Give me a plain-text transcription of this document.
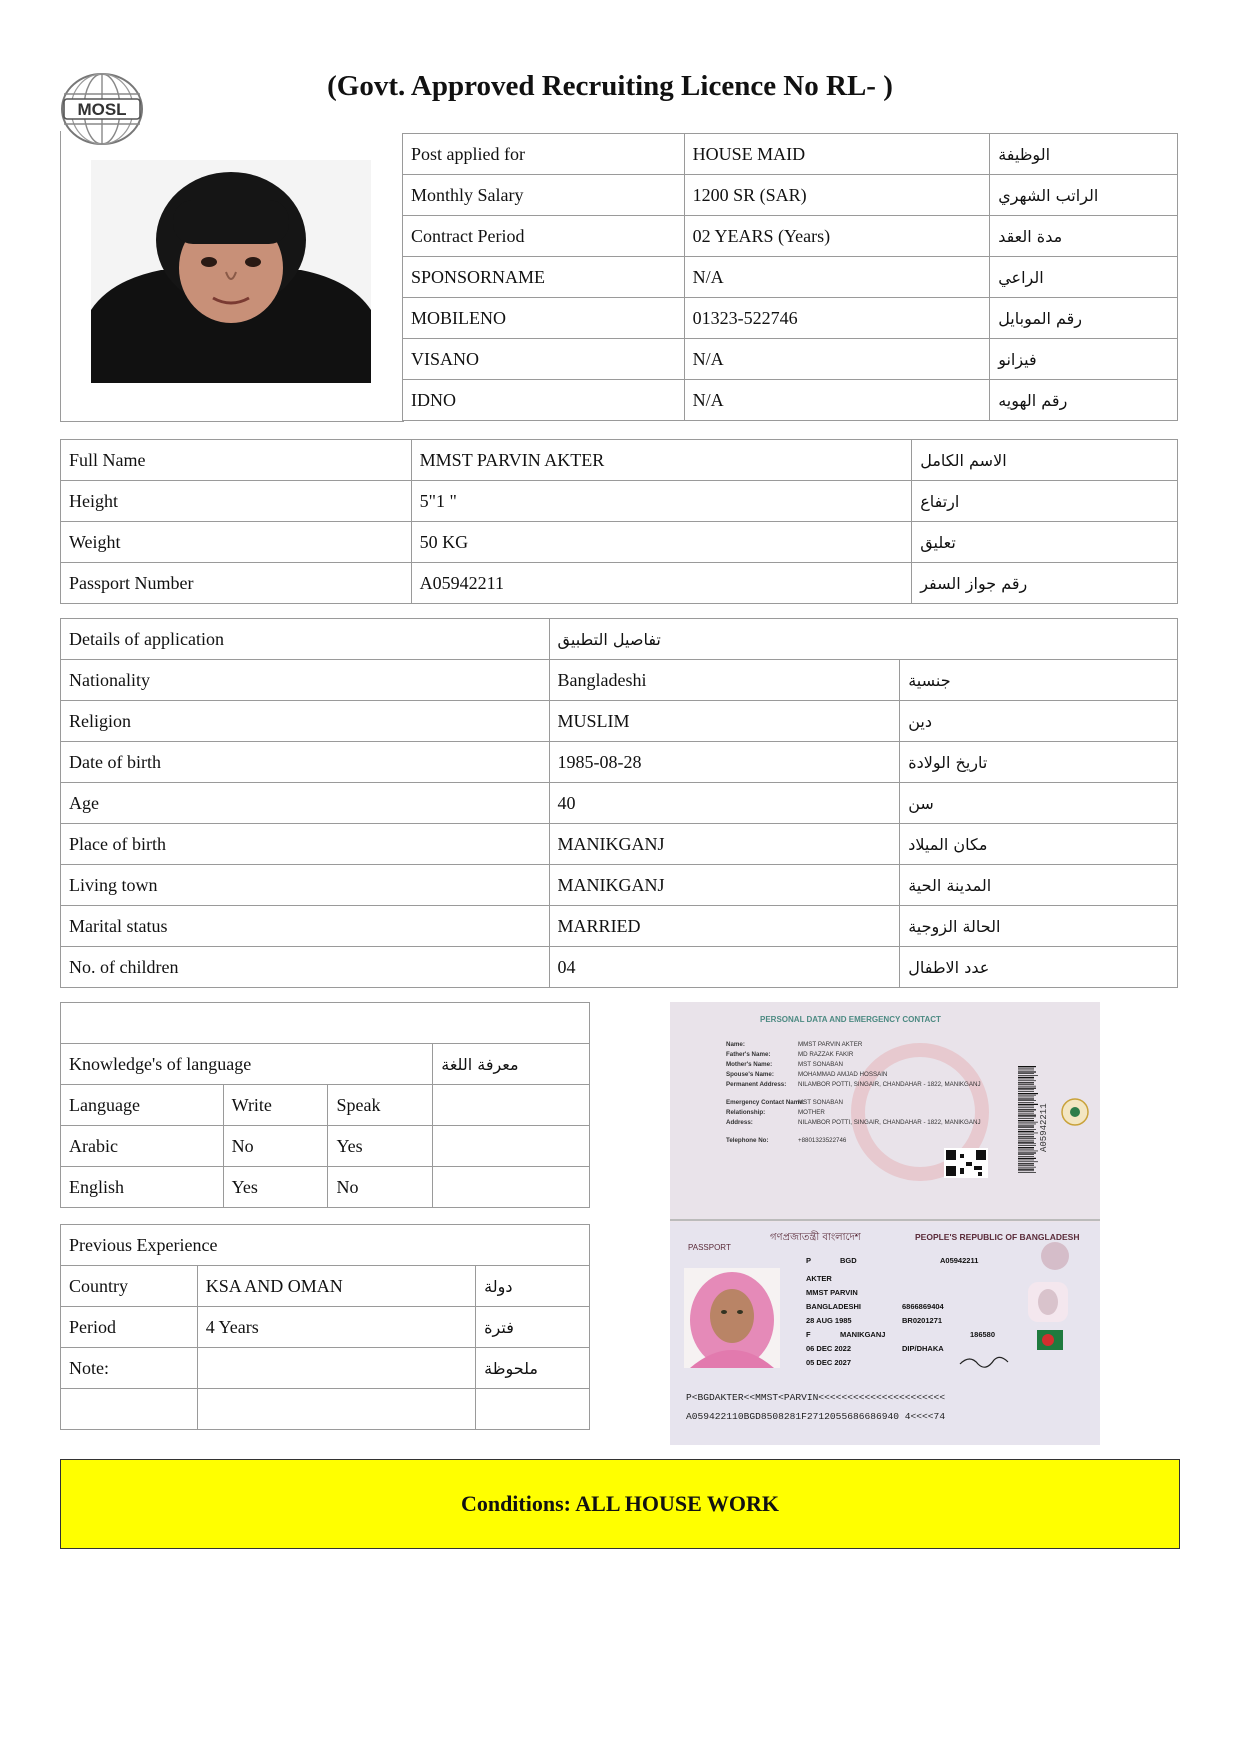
MOSL
(Govt. Approved Recruiting Licence No RL- )
Post applied for	HOUSE MAID	الوظيفة
Monthly Salary	1200 SR (SAR)	الراتب الشهري
Contract Period	02 YEARS (Years)	مدة العقد
SPONSORNAME	N/A	الراعي
MOBILENO	01323-522746	رقم الموبايل
VISANO	N/A	فيزانو
IDNO	N/A	رقم الهويه
Full Name	MMST PARVIN AKTER	الاسم الكامل
Height	5"1 "	ارتفاع
Weight	50 KG	تعليق
Passport Number	A05942211	رقم جواز السفر
Details of application	تفاصيل التطبيق	
Nationality	Bangladeshi	جنسية
Religion	MUSLIM	دين
Date of birth	1985-08-28	تاريخ الولادة
Age	40	سن
Place of birth	MANIKGANJ	مكان الميلاد
Living town	MANIKGANJ	المدينة الحية
Marital status	MARRIED	الحالة الزوجية
No. of children	04	عدد الاطفال

Knowledge's of language			معرفة اللغة
Language	Write	Speak	
Arabic	No	Yes	
English	Yes	No	
Previous Experience		
Country	KSA AND OMAN	دولة
Period	4 Years	فترة
Note:		ملحوظة

PERSONAL DATA AND EMERGENCY CONTACT
Name:	MMST PARVIN AKTER
Father's Name:	MD RAZZAK FAKIR
Mother's Name:	MST SONABAN
Spouse's Name:	MOHAMMAD AMJAD HOSSAIN
Permanent Address: NILAMBOR POTTI, SINGAIR, CHANDAHAR - 1822, MANIKGANJ
Emergency Contact Name:
MST SONABAN
Relationship:	MOTHER
Address:	NILAMBOR POTTI, SINGAIR, CHANDAHAR - 1822, MANIKGANJ
Telephone No:	+8801323522746	A05942211
গণপ্রজাতন্ত্রী বাংলাদেশ	PEOPLE'S REPUBLIC OF BANGLADESH
PASSPORT
P	BGD	A05942211
AKTER
MMST PARVIN
BANGLADESHI	6866869404
28 AUG 1985	BR0201271
F	MANIKGANJ	186580
06 DEC 2022	DIP/DHAKA
05 DEC 2027
P<BGDAKTER<<MMST<PARVIN<<<<<<<<<<<<<<<<<<<<<<
A059422110BGD8508281F2712055686686940 4<<<<74
Conditions: ALL HOUSE WORK
